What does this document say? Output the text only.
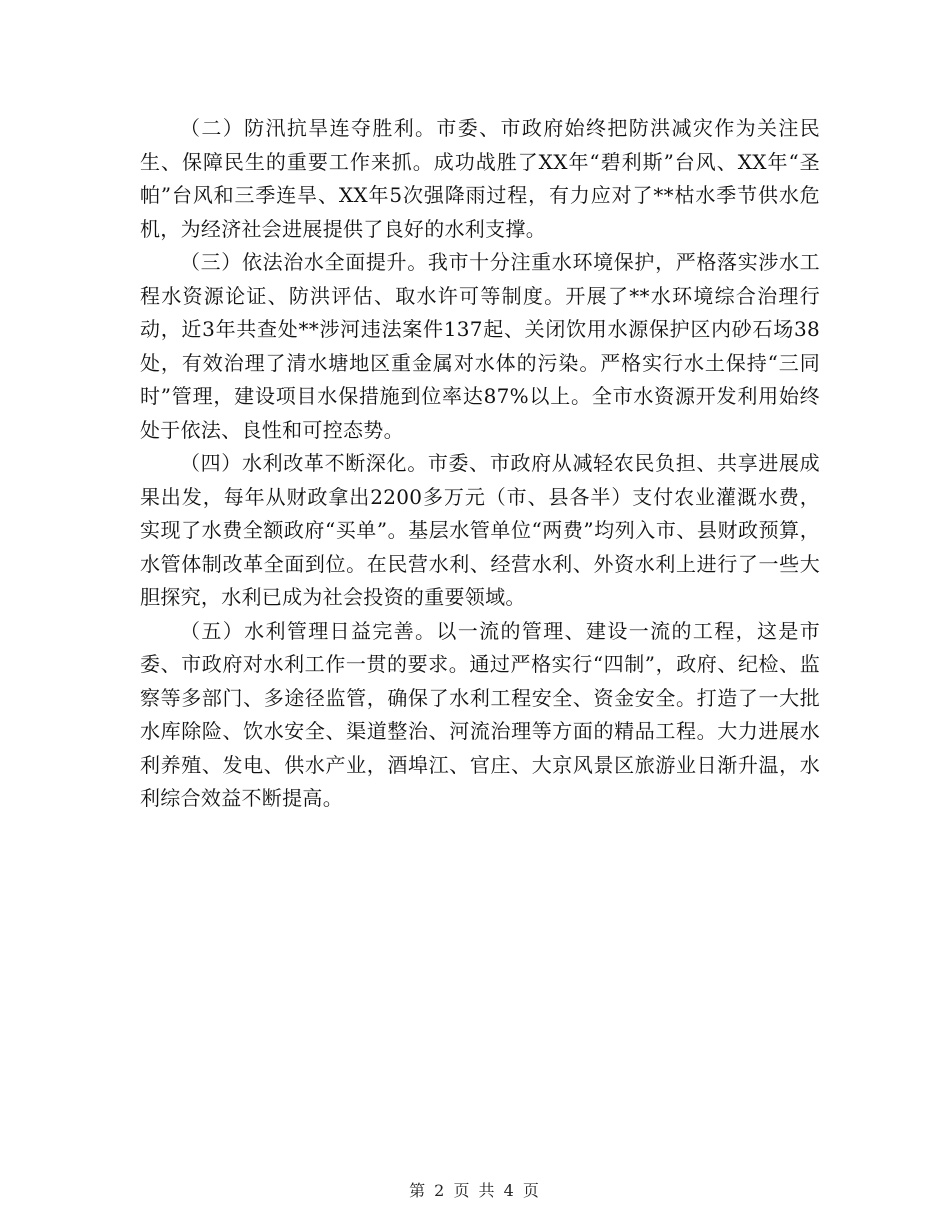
（二）防汛抗旱连夺胜利。市委、市政府始终把防洪减灾作为关注民生、保障民生的重要工作来抓。成功战胜了XX年“碧利斯”台风、XX年“圣帕”台风和三季连旱、XX年5次强降雨过程，有力应对了**枯水季节供水危机，为经济社会进展提供了良好的水利支撑。

（三）依法治水全面提升。我市十分注重水环境保护，严格落实涉水工程水资源论证、防洪评估、取水许可等制度。开展了**水环境综合治理行动，近3年共查处**涉河违法案件137起、关闭饮用水源保护区内砂石场38处，有效治理了清水塘地区重金属对水体的污染。严格实行水土保持“三同时”管理，建设项目水保措施到位率达87%以上。全市水资源开发利用始终处于依法、良性和可控态势。

（四）水利改革不断深化。市委、市政府从减轻农民负担、共享进展成果出发，每年从财政拿出2200多万元（市、县各半）支付农业灌溉水费，实现了水费全额政府“买单”。基层水管单位“两费”均列入市、县财政预算，水管体制改革全面到位。在民营水利、经营水利、外资水利上进行了一些大胆探究，水利已成为社会投资的重要领域。

（五）水利管理日益完善。以一流的管理、建设一流的工程，这是市委、市政府对水利工作一贯的要求。通过严格实行“四制”，政府、纪检、监察等多部门、多途径监管，确保了水利工程安全、资金安全。打造了一大批水库除险、饮水安全、渠道整治、河流治理等方面的精品工程。大力进展水利养殖、发电、供水产业，酒埠江、官庄、大京风景区旅游业日渐升温，水利综合效益不断提高。

第 2 页 共 4 页
